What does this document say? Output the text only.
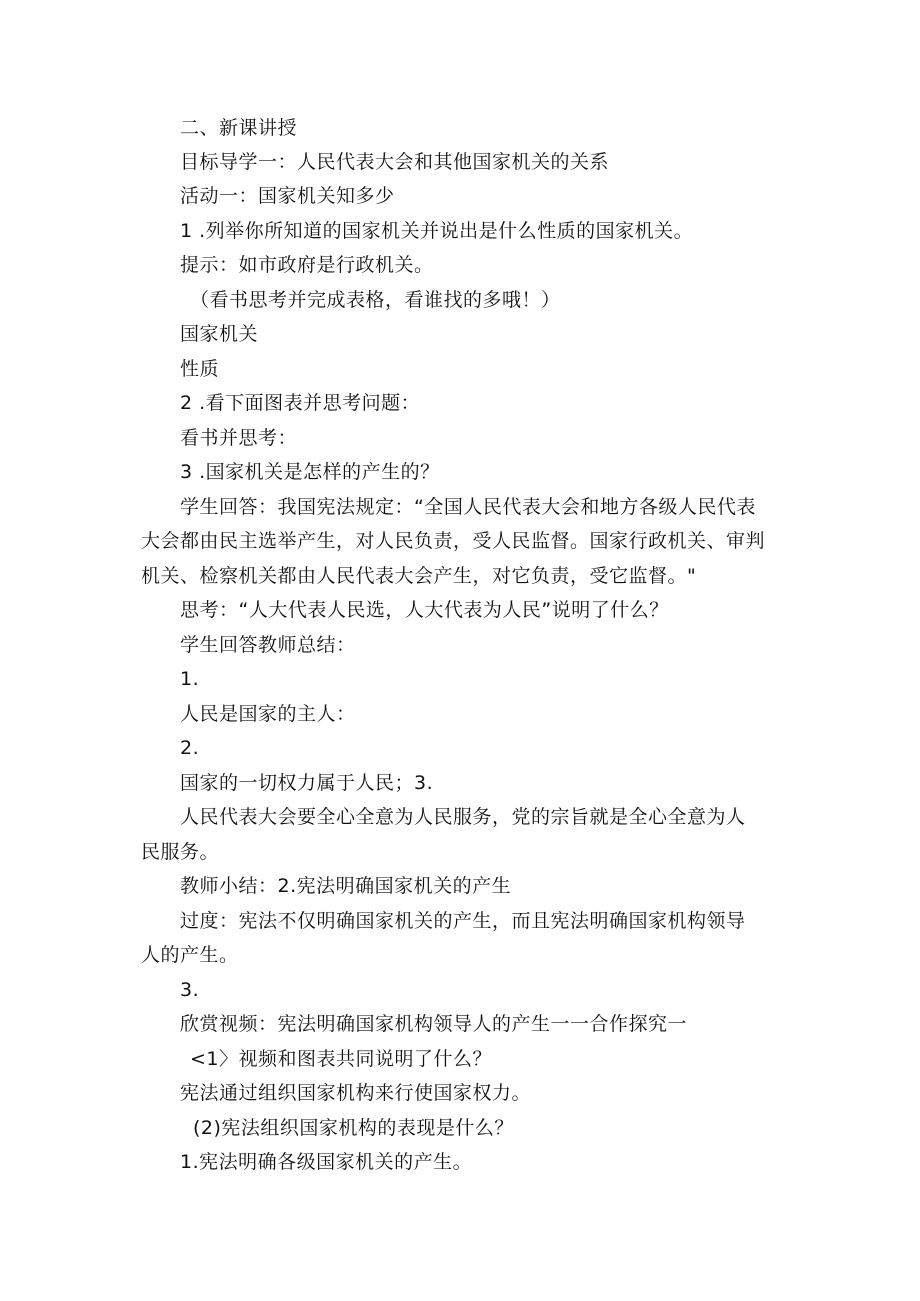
二、新课讲授
目标导学一：人民代表大会和其他国家机关的关系
活动一：国家机关知多少
1 .列举你所知道的国家机关并说出是什么性质的国家机关。
提示：如市政府是行政机关。
（看书思考并完成表格，看谁找的多哦！）
国家机关
性质
2 .看下面图表并思考问题：
看书并思考：
3 .国家机关是怎样的产生的？
学生回答：我国宪法规定：“全国人民代表大会和地方各级人民代表
大会都由民主选举产生，对人民负责，受人民监督。国家行政机关、审判
机关、检察机关都由人民代表大会产生，对它负责，受它监督。"
思考：“人大代表人民选，人大代表为人民”说明了什么？
学生回答教师总结：
1.
人民是国家的主人：
2.
国家的一切权力属于人民；3.
人民代表大会要全心全意为人民服务，党的宗旨就是全心全意为人
民服务。
教师小结：2.宪法明确国家机关的产生
过度：宪法不仅明确国家机关的产生，而且宪法明确国家机构领导
人的产生。
3.
欣赏视频：宪法明确国家机构领导人的产生一一合作探究一
<1〉视频和图表共同说明了什么？
宪法通过组织国家机构来行使国家权力。
(2)宪法组织国家机构的表现是什么？
1.宪法明确各级国家机关的产生。
